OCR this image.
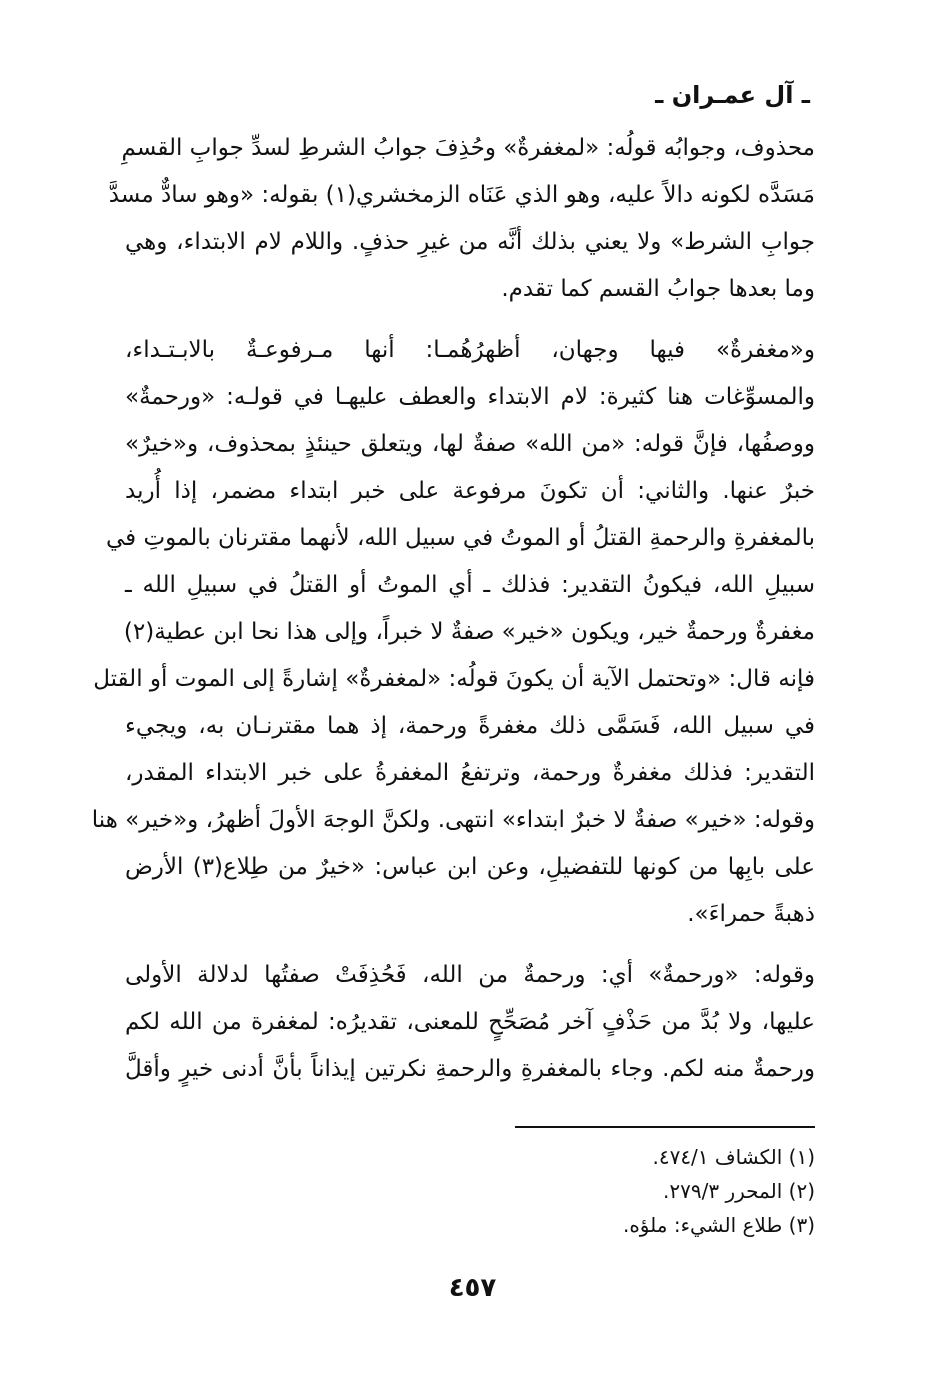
ـ آل عمـران ـ
محذوف، وجوابُه قولُه: «لمغفرةٌ» وحُذِفَ جوابُ الشرطِ لسدِّ جوابِ القسمِ
مَسَدَّه لكونه دالاً عليه، وهو الذي عَنَاه الزمخشري(١) بقوله: «وهو سادٌّ مسدَّ
جوابِ الشرط» ولا يعني بذلك أنَّه من غيرِ حذفٍ. واللام لام الابتداء، وهي
وما بعدها جوابُ القسم كما تقدم.
و«مغفرةٌ» فيها وجهان، أظهرُهُمـا: أنها مـرفوعـةٌ بالابـتـداء،
والمسوِّغات هنا كثيرة: لام الابتداء والعطف عليهـا في قولـه: «ورحمةٌ»
ووصفُها، فإنَّ قوله: «من الله» صفةٌ لها، ويتعلق حينئذٍ بمحذوف، و«خيرٌ»
خبرٌ عنها. والثاني: أن تكونَ مرفوعة على خبر ابتداء مضمر، إذا أُريد
بالمغفرةِ والرحمةِ القتلُ أو الموتُ في سبيل الله، لأنهما مقترنان بالموتِ في
سبيلِ الله، فيكونُ التقدير: فذلك ـ أي الموتُ أو القتلُ في سبيلِ الله ـ
مغفرةٌ ورحمةٌ خير، ويكون «خير» صفةٌ لا خبراً، وإلى هذا نحا ابن عطية(٢)
فإنه قال: «وتحتمل الآية أن يكونَ قولُه: «لمغفرةٌ» إشارةً إلى الموت أو القتل
في سبيل الله، فَسَمَّى ذلك مغفرةً ورحمة، إذ هما مقترنـان به، ويجيء
التقدير: فذلك مغفرةٌ ورحمة، وترتفعُ المغفرةُ على خبر الابتداء المقدر،
وقوله: «خير» صفةٌ لا خبرٌ ابتداء» انتهى. ولكنَّ الوجهَ الأولَ أظهرُ، و«خير» هنا
على بابِها من كونها للتفضيلِ، وعن ابن عباس: «خيرٌ من طِلاع(٣) الأرض
ذهبةً حمراءَ».
وقوله: «ورحمةٌ» أي: ورحمةٌ من الله، فَحُذِفَتْ صفتُها لدلالة الأولى
عليها، ولا بُدَّ من حَذْفٍ آخر مُصَحِّحٍ للمعنى، تقديرُه: لمغفرة من الله لكم
ورحمةٌ منه لكم. وجاء بالمغفرةِ والرحمةِ نكرتين إيذاناً بأنَّ أدنى خيرٍ وأقلَّ
(١) الكشاف ٤٧٤/١.
(٢) المحرر ٢٧٩/٣.
(٣) طلاع الشيء: ملؤه.
٤٥٧
